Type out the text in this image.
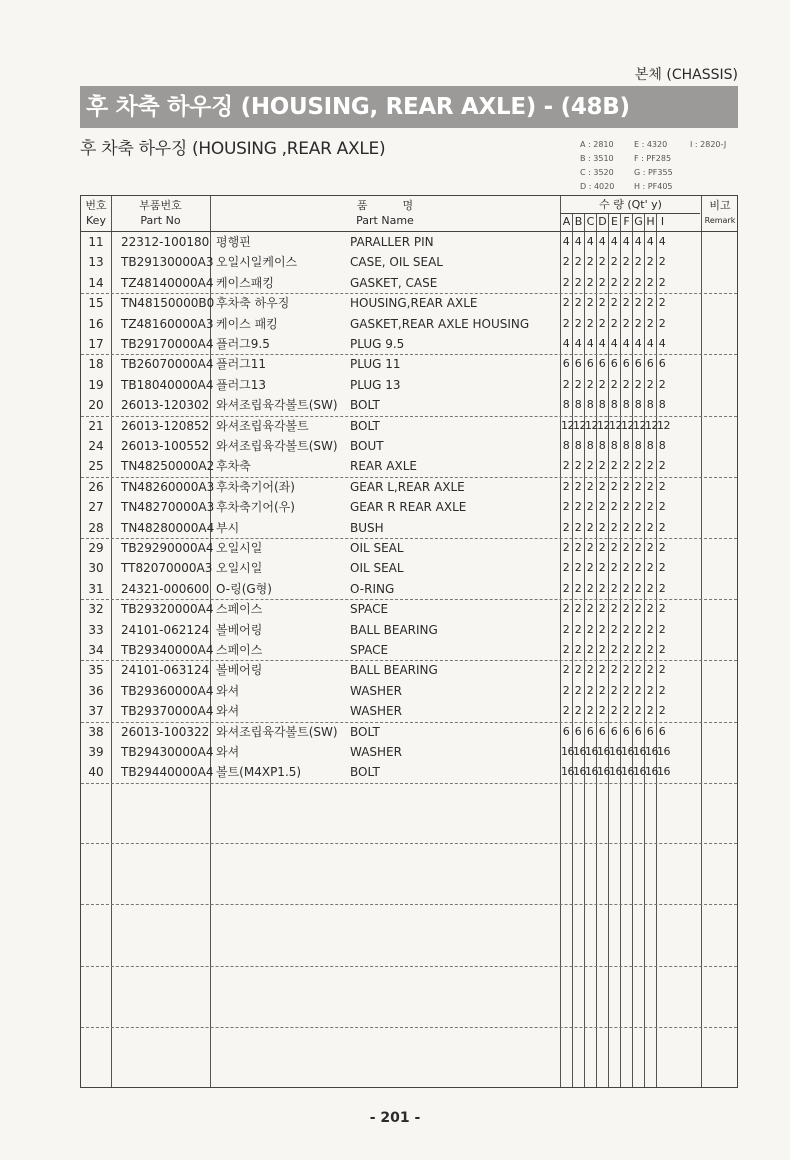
본체 (CHASSIS)
후 차축 하우징 (HOUSING, REAR AXLE) - (48B)
후 차축 하우징 (HOUSING ,REAR AXLE)	A : 2810
B : 3510
C : 3520
D : 4020
E : 4320
F : PF285
G : PF355
H : PF405
I : 2820-J
번호
Key
부품번호
Part No
품          명
Part Name
수 량 (Qt' y)	비고
Remark
A B C D E F G H I
11	22312-100180 평행핀	PARALLER PIN	4 4 4 4 4 4 4 4 4
13	TB29130000A3 오일시일케이스	CASE, OIL SEAL	2 2 2 2 2 2 2 2 2
14	TZ48140000A4 케이스패킹	GASKET, CASE	2 2 2 2 2 2 2 2 2
15	TN48150000B0 후차축 하우징	HOUSING,REAR AXLE	2 2 2 2 2 2 2 2 2
16	TZ48160000A3 케이스 패킹	GASKET,REAR AXLE HOUSING	2 2 2 2 2 2 2 2 2
17	TB29170000A4 플러그9.5	PLUG 9.5	4 4 4 4 4 4 4 4 4
18	TB26070000A4 플러그11	PLUG 11	6 6 6 6 6 6 6 6 6
19	TB18040000A4 플러그13	PLUG 13	2 2 2 2 2 2 2 2 2
20	26013-120302 와셔조립육각볼트(SW) BOLT	8 8 8 8 8 8 8 8 8
21	26013-120852 와셔조립육각볼트	BOLT	12 12 12 12 12 12 12 12 12
24	26013-100552 와셔조립육각볼트(SW) BOUT	8 8 8 8 8 8 8 8 8
25	TN48250000A2 후차축	REAR AXLE	2 2 2 2 2 2 2 2 2
26	TN48260000A3 후차축기어(좌)	GEAR L,REAR AXLE	2 2 2 2 2 2 2 2 2
27	TN48270000A3 후차축기어(우)	GEAR R REAR AXLE	2 2 2 2 2 2 2 2 2
28	TN48280000A4 부시	BUSH	2 2 2 2 2 2 2 2 2
29	TB29290000A4 오일시일	OIL SEAL	2 2 2 2 2 2 2 2 2
30	TT82070000A3 오일시일	OIL SEAL	2 2 2 2 2 2 2 2 2
31	24321-000600 O-링(G형)	O-RING	2 2 2 2 2 2 2 2 2
32	TB29320000A4 스페이스	SPACE	2 2 2 2 2 2 2 2 2
33	24101-062124 볼베어링	BALL BEARING	2 2 2 2 2 2 2 2 2
34	TB29340000A4 스페이스	SPACE	2 2 2 2 2 2 2 2 2
35	24101-063124 볼베어링	BALL BEARING	2 2 2 2 2 2 2 2 2
36	TB29360000A4 와셔	WASHER	2 2 2 2 2 2 2 2 2
37	TB29370000A4 와셔	WASHER	2 2 2 2 2 2 2 2 2
38	26013-100322 와셔조립육각볼트(SW) BOLT	6 6 6 6 6 6 6 6 6
39	TB29430000A4 와셔	WASHER	16 16 16 16 16 16 16 16 16
40	TB29440000A4 볼트(M4XP1.5)	BOLT	16 16 16 16 16 16 16 16 16
- 201 -
